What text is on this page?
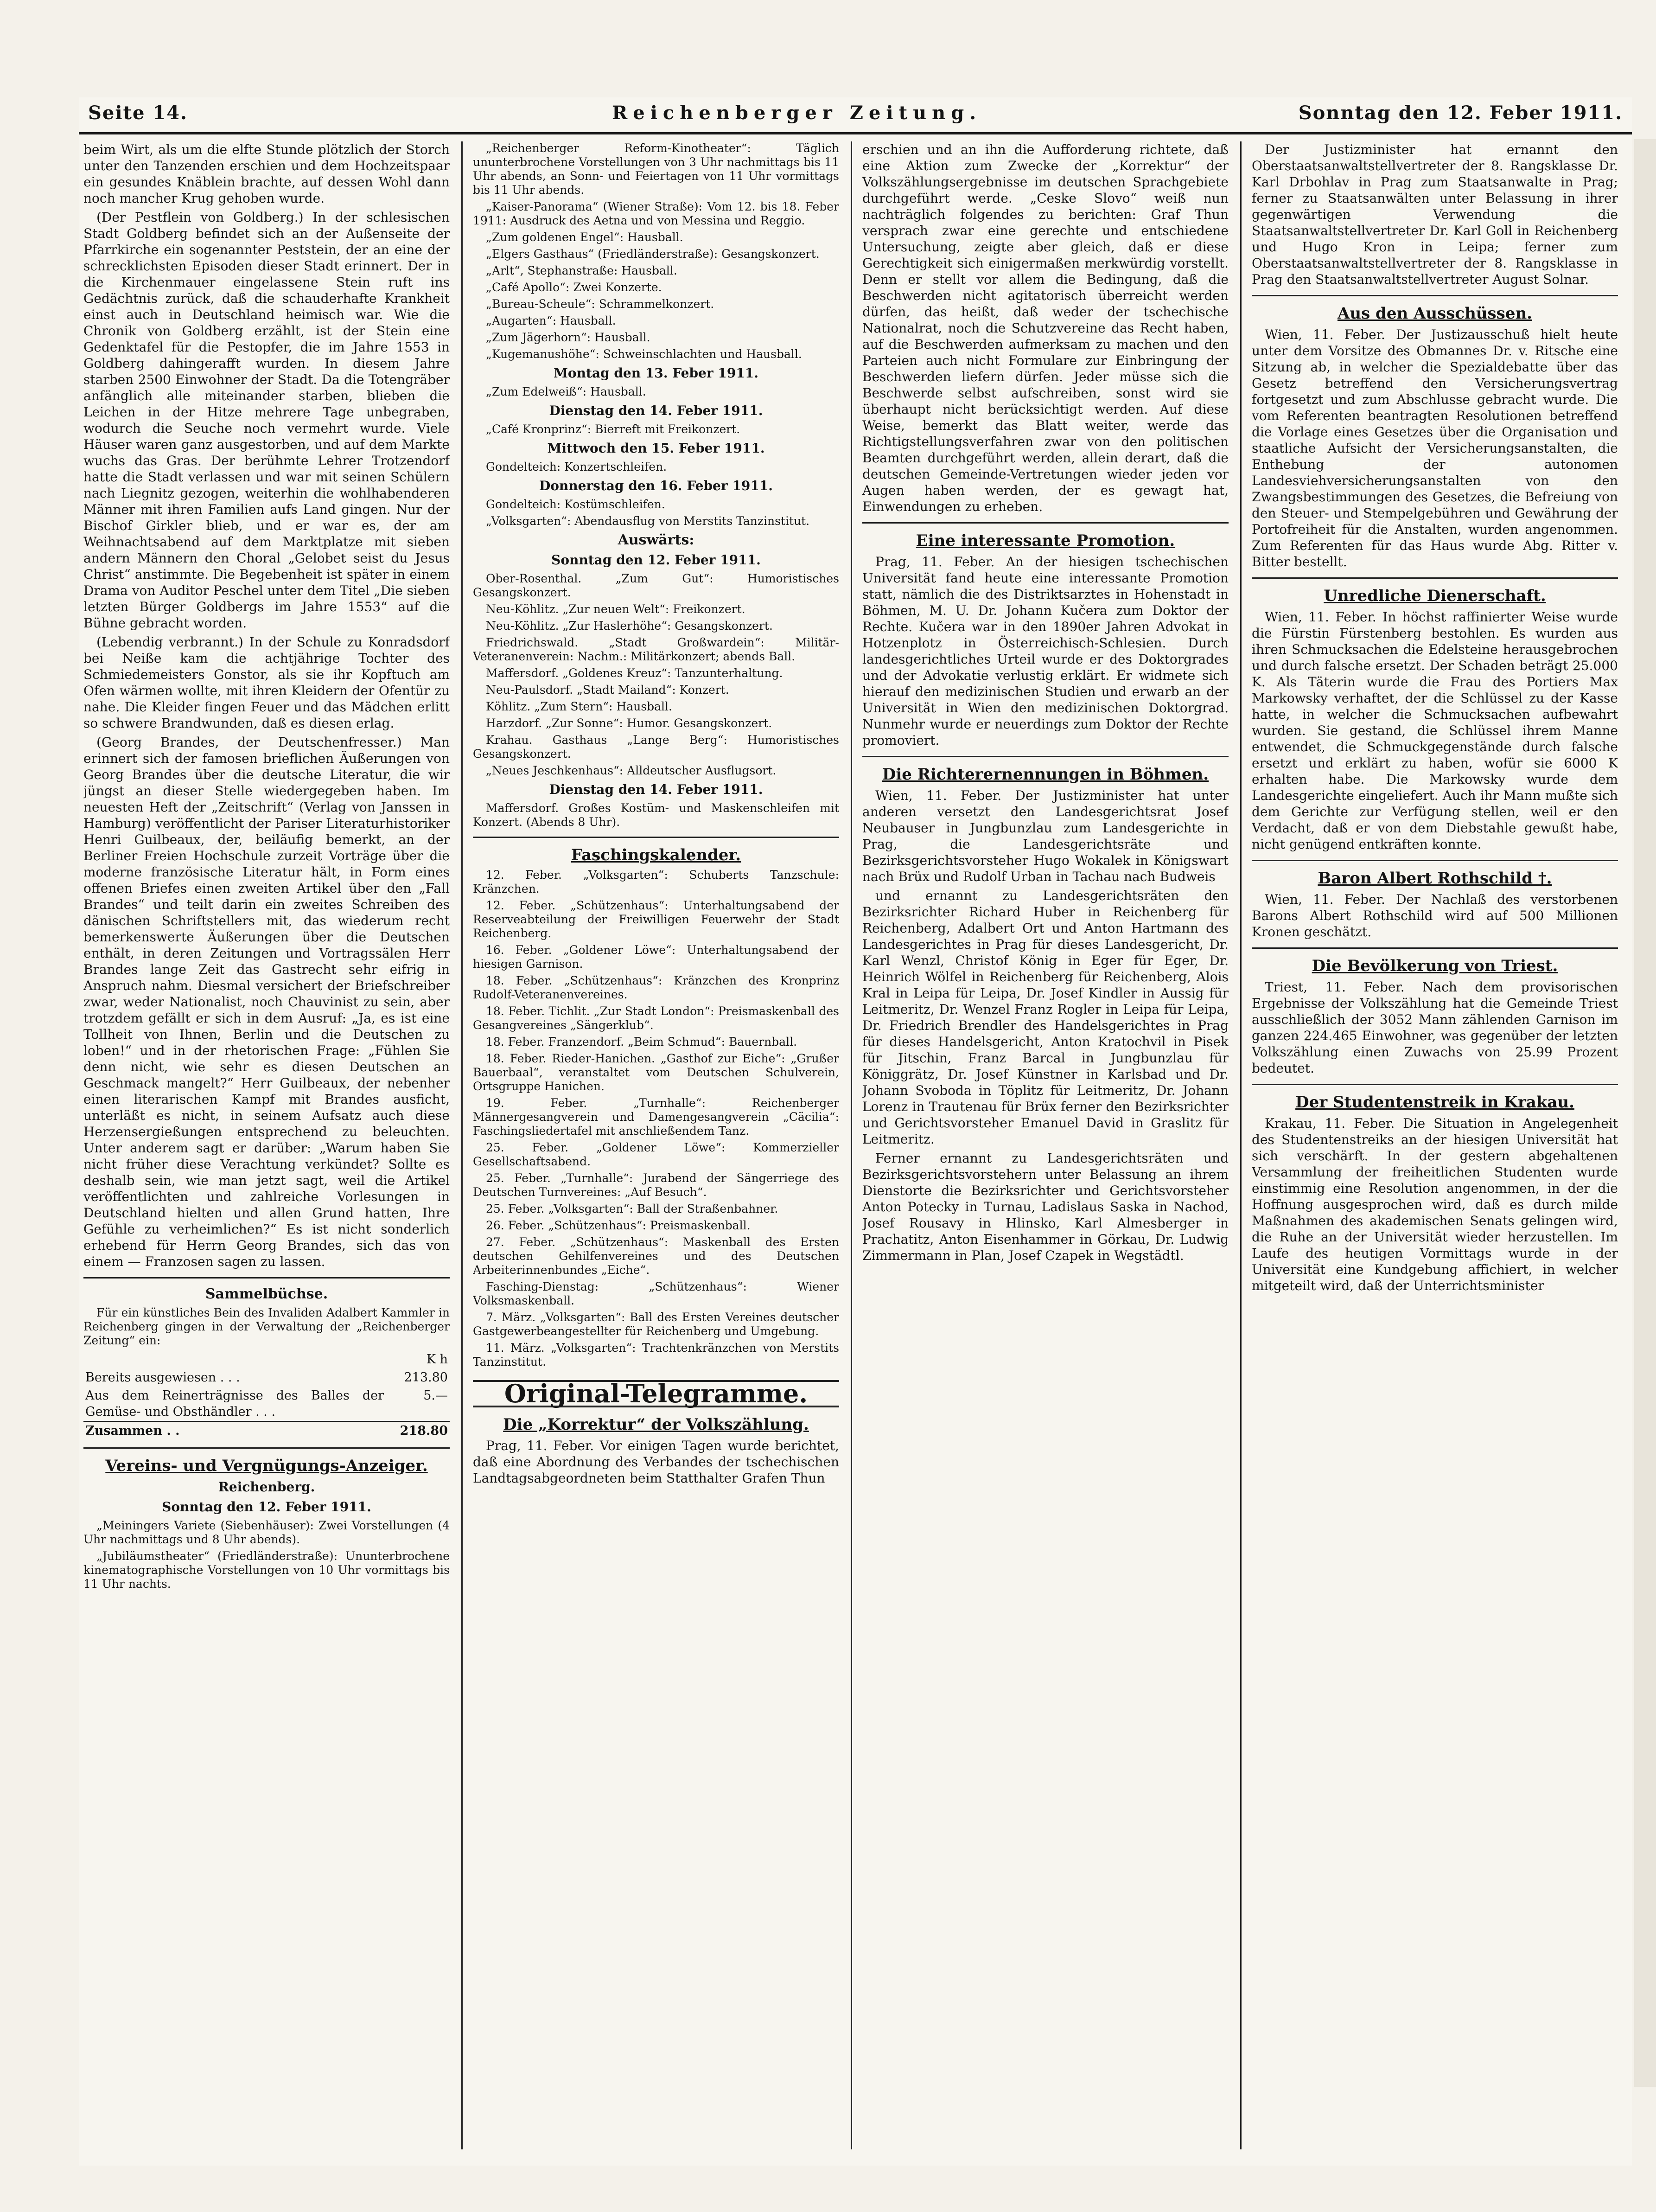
Seite 14.	Reichenberger Zeitung.	Sonntag den 12. Feber 1911.

beim Wirt, als um die elfte Stunde plötzlich der Storch unter den Tanzenden erschien und dem Hochzeitspaar ein gesundes Knäblein brachte, auf dessen Wohl dann noch mancher Krug gehoben wurde.

(Der Pestflein von Goldberg.) In der schlesischen Stadt Goldberg befindet sich an der Außenseite der Pfarrkirche ein sogenannter Peststein, der an eine der schrecklichsten Episoden dieser Stadt erinnert. Der in die Kirchenmauer eingelassene Stein ruft ins Gedächtnis zurück, daß die schauderhafte Krankheit einst auch in Deutschland heimisch war. Wie die Chronik von Goldberg erzählt, ist der Stein eine Gedenktafel für die Pestopfer, die im Jahre 1553 in Goldberg dahingerafft wurden. In diesem Jahre starben 2500 Einwohner der Stadt. Da die Totengräber anfänglich alle miteinander starben, blieben die Leichen in der Hitze mehrere Tage unbegraben, wodurch die Seuche noch vermehrt wurde. Viele Häuser waren ganz ausgestorben, und auf dem Markte wuchs das Gras. Der berühmte Lehrer Trotzendorf hatte die Stadt verlassen und war mit seinen Schülern nach Liegnitz gezogen, weiterhin die wohlhabenderen Männer mit ihren Familien aufs Land gingen. Nur der Bischof Girkler blieb, und er war es, der am Weihnachtsabend auf dem Marktplatze mit sieben andern Männern den Choral „Gelobet seist du Jesus Christ“ anstimmte. Die Begebenheit ist später in einem Drama von Auditor Peschel unter dem Titel „Die sieben letzten Bürger Goldbergs im Jahre 1553“ auf die Bühne gebracht worden.

(Lebendig verbrannt.) In der Schule zu Konradsdorf bei Neiße kam die achtjährige Tochter des Schmiedemeisters Gonstor, als sie ihr Kopftuch am Ofen wärmen wollte, mit ihren Kleidern der Ofentür zu nahe. Die Kleider fingen Feuer und das Mädchen erlitt so schwere Brandwunden, daß es diesen erlag.

(Georg Brandes, der Deutschenfresser.) Man erinnert sich der famosen brieflichen Äußerungen von Georg Brandes über die deutsche Literatur, die wir jüngst an dieser Stelle wiedergegeben haben. Im neuesten Heft der „Zeitschrift“ (Verlag von Janssen in Hamburg) veröffentlicht der Pariser Literaturhistoriker Henri Guilbeaux, der, beiläufig bemerkt, an der Berliner Freien Hochschule zurzeit Vorträge über die moderne französische Literatur hält, in Form eines offenen Briefes einen zweiten Artikel über den „Fall Brandes“ und teilt darin ein zweites Schreiben des dänischen Schriftstellers mit, das wiederum recht bemerkenswerte Äußerungen über die Deutschen enthält, in deren Zeitungen und Vortragssälen Herr Brandes lange Zeit das Gastrecht sehr eifrig in Anspruch nahm. Diesmal versichert der Briefschreiber zwar, weder Nationalist, noch Chauvinist zu sein, aber trotzdem gefällt er sich in dem Ausruf: „Ja, es ist eine Tollheit von Ihnen, Berlin und die Deutschen zu loben!“ und in der rhetorischen Frage: „Fühlen Sie denn nicht, wie sehr es diesen Deutschen an Geschmack mangelt?“ Herr Guilbeaux, der nebenher einen literarischen Kampf mit Brandes ausficht, unterläßt es nicht, in seinem Aufsatz auch diese Herzensergießungen entsprechend zu beleuchten. Unter anderem sagt er darüber: „Warum haben Sie nicht früher diese Verachtung verkündet? Sollte es deshalb sein, wie man jetzt sagt, weil die Artikel veröffentlichten und zahlreiche Vorlesungen in Deutschland hielten und allen Grund hatten, Ihre Gefühle zu verheimlichen?“ Es ist nicht sonderlich erhebend für Herrn Georg Brandes, sich das von einem — Franzosen sagen zu lassen.

Sammelbüchse.

Für ein künstliches Bein des Invaliden Adalbert Kammler in Reichenberg gingen in der Verwaltung der „Reichenberger Zeitung“ ein:

	K h
Bereits ausgewiesen . . .	213.80
Aus dem Reinerträgnisse des Balles der Gemüse- und Obsthändler . . .	5.—
Zusammen . .	218.80
Vereins- und Vergnügungs-Anzeiger.
Reichenberg.
Sonntag den 12. Feber 1911.

„Meiningers Variete (Siebenhäuser): Zwei Vorstellungen (4 Uhr nachmittags und 8 Uhr abends).

„Jubiläumstheater“ (Friedländerstraße): Ununterbrochene kinematographische Vorstellungen von 10 Uhr vormittags bis 11 Uhr nachts.

„Reichenberger Reform-Kinotheater“: Täglich ununterbrochene Vorstellungen von 3 Uhr nachmittags bis 11 Uhr abends, an Sonn- und Feiertagen von 11 Uhr vormittags bis 11 Uhr abends.

„Kaiser-Panorama“ (Wiener Straße): Vom 12. bis 18. Feber 1911: Ausdruck des Aetna und von Messina und Reggio.

„Zum goldenen Engel“: Hausball.

„Elgers Gasthaus“ (Friedländerstraße): Gesangskonzert.

„Arlt“, Stephanstraße: Hausball.

„Café Apollo“: Zwei Konzerte.

„Bureau-Scheule“: Schrammelkonzert.

„Augarten“: Hausball.

„Zum Jägerhorn“: Hausball.

„Kugemanushöhe“: Schweinschlachten und Hausball.

Montag den 13. Feber 1911.

„Zum Edelweiß“: Hausball.

Dienstag den 14. Feber 1911.

„Café Kronprinz“: Bierreft mit Freikonzert.

Mittwoch den 15. Feber 1911.

Gondelteich: Konzertschleifen.

Donnerstag den 16. Feber 1911.

Gondelteich: Kostümschleifen.

„Volksgarten“: Abendausflug von Merstits Tanzinstitut.

Auswärts:
Sonntag den 12. Feber 1911.

Ober-Rosenthal. „Zum Gut“: Humoristisches Gesangskonzert.

Neu-Köhlitz. „Zur neuen Welt“: Freikonzert.

Neu-Köhlitz. „Zur Haslerhöhe“: Gesangskonzert.

Friedrichswald. „Stadt Großwardein“: Militär-Veteranenverein: Nachm.: Militärkonzert; abends Ball.

Maffersdorf. „Goldenes Kreuz“: Tanzunterhaltung.

Neu-Paulsdorf. „Stadt Mailand“: Konzert.

Köhlitz. „Zum Stern“: Hausball.

Harzdorf. „Zur Sonne“: Humor. Gesangskonzert.

Krahau. Gasthaus „Lange Berg“: Humoristisches Gesangskonzert.

„Neues Jeschkenhaus“: Alldeutscher Ausflugsort.

Dienstag den 14. Feber 1911.

Maffersdorf. Großes Kostüm- und Maskenschleifen mit Konzert. (Abends 8 Uhr).

Faschingskalender.

12. Feber. „Volksgarten“: Schuberts Tanzschule: Kränzchen.

12. Feber. „Schützenhaus“: Unterhaltungsabend der Reserveabteilung der Freiwilligen Feuerwehr der Stadt Reichenberg.

16. Feber. „Goldener Löwe“: Unterhaltungsabend der hiesigen Garnison.

18. Feber. „Schützenhaus“: Kränzchen des Kronprinz Rudolf-Veteranenvereines.

18. Feber. Tichlit. „Zur Stadt London“: Preismaskenball des Gesangvereines „Sängerklub“.

18. Feber. Franzendorf. „Beim Schmud“: Bauernball.

18. Feber. Rieder-Hanichen. „Gasthof zur Eiche“: „Grußer Bauerbaal“, veranstaltet vom Deutschen Schulverein, Ortsgruppe Hanichen.

19. Feber. „Turnhalle“: Reichenberger Männergesangverein und Damengesangverein „Cäcilia“: Faschingsliedertafel mit anschließendem Tanz.

25. Feber. „Goldener Löwe“: Kommerzieller Gesellschaftsabend.

25. Feber. „Turnhalle“: Jurabend der Sängerriege des Deutschen Turnvereines: „Auf Besuch“.

25. Feber. „Volksgarten“: Ball der Straßenbahner.

26. Feber. „Schützenhaus“: Preismaskenball.

27. Feber. „Schützenhaus“: Maskenball des Ersten deutschen Gehilfenvereines und des Deutschen Arbeiterinnenbundes „Eiche“.

Fasching-Dienstag: „Schützenhaus“: Wiener Volksmaskenball.

7. März. „Volksgarten“: Ball des Ersten Vereines deutscher Gastgewerbeangestellter für Reichenberg und Umgebung.

11. März. „Volksgarten“: Trachtenkränzchen von Merstits Tanzinstitut.

Original-Telegramme.
Die „Korrektur“ der Volkszählung.

Prag, 11. Feber. Vor einigen Tagen wurde berichtet, daß eine Abordnung des Verbandes der tschechischen Landtagsabgeordneten beim Statthalter Grafen Thun

erschien und an ihn die Aufforderung richtete, daß eine Aktion zum Zwecke der „Korrektur“ der Volkszählungsergebnisse im deutschen Sprachgebiete durchgeführt werde. „Ceske Slovo“ weiß nun nachträglich folgendes zu berichten: Graf Thun versprach zwar eine gerechte und entschiedene Untersuchung, zeigte aber gleich, daß er diese Gerechtigkeit sich einigermaßen merkwürdig vorstellt. Denn er stellt vor allem die Bedingung, daß die Beschwerden nicht agitatorisch überreicht werden dürfen, das heißt, daß weder der tschechische Nationalrat, noch die Schutzvereine das Recht haben, auf die Beschwerden aufmerksam zu machen und den Parteien auch nicht Formulare zur Einbringung der Beschwerden liefern dürfen. Jeder müsse sich die Beschwerde selbst aufschreiben, sonst wird sie überhaupt nicht berücksichtigt werden. Auf diese Weise, bemerkt das Blatt weiter, werde das Richtigstellungsverfahren zwar von den politischen Beamten durchgeführt werden, allein derart, daß die deutschen Gemeinde-Vertretungen wieder jeden vor Augen haben werden, der es gewagt hat, Einwendungen zu erheben.

Eine interessante Promotion.

Prag, 11. Feber. An der hiesigen tschechischen Universität fand heute eine interessante Promotion statt, nämlich die des Distriktsarztes in Hohenstadt in Böhmen, M. U. Dr. Johann Kučera zum Doktor der Rechte. Kučera war in den 1890er Jahren Advokat in Hotzenplotz in Österreichisch-Schlesien. Durch landesgerichtliches Urteil wurde er des Doktorgrades und der Advokatie verlustig erklärt. Er widmete sich hierauf den medizinischen Studien und erwarb an der Universität in Wien den medizinischen Doktorgrad. Nunmehr wurde er neuerdings zum Doktor der Rechte promoviert.

Die Richterernennungen in Böhmen.

Wien, 11. Feber. Der Justizminister hat unter anderen versetzt den Landesgerichtsrat Josef Neubauser in Jungbunzlau zum Landesgerichte in Prag, die Landesgerichtsräte und Bezirksgerichtsvorsteher Hugo Wokalek in Königswart nach Brüx und Rudolf Urban in Tachau nach Budweis

und ernannt zu Landesgerichtsräten den Bezirksrichter Richard Huber in Reichenberg für Reichenberg, Adalbert Ort und Anton Hartmann des Landesgerichtes in Prag für dieses Landesgericht, Dr. Karl Wenzl, Christof König in Eger für Eger, Dr. Heinrich Wölfel in Reichenberg für Reichenberg, Alois Kral in Leipa für Leipa, Dr. Josef Kindler in Aussig für Leitmeritz, Dr. Wenzel Franz Rogler in Leipa für Leipa, Dr. Friedrich Brendler des Handelsgerichtes in Prag für dieses Handelsgericht, Anton Kratochvil in Pisek für Jitschin, Franz Barcal in Jungbunzlau für Königgrätz, Dr. Josef Künstner in Karlsbad und Dr. Johann Svoboda in Töplitz für Leitmeritz, Dr. Johann Lorenz in Trautenau für Brüx ferner den Bezirksrichter und Gerichtsvorsteher Emanuel David in Graslitz für Leitmeritz.

Ferner ernannt zu Landesgerichtsräten und Bezirksgerichtsvorstehern unter Belassung an ihrem Dienstorte die Bezirksrichter und Gerichtsvorsteher Anton Potecky in Turnau, Ladislaus Saska in Nachod, Josef Rousavy in Hlinsko, Karl Almesberger in Prachatitz, Anton Eisenhammer in Görkau, Dr. Ludwig Zimmermann in Plan, Josef Czapek in Wegstädtl.

Der Justizminister hat ernannt den Oberstaatsanwaltstellvertreter der 8. Rangsklasse Dr. Karl Drbohlav in Prag zum Staatsanwalte in Prag; ferner zu Staatsanwälten unter Belassung in ihrer gegenwärtigen Verwendung die Staatsanwaltstellvertreter Dr. Karl Goll in Reichenberg und Hugo Kron in Leipa; ferner zum Oberstaatsanwaltstellvertreter der 8. Rangsklasse in Prag den Staatsanwaltstellvertreter August Solnar.

Aus den Ausschüssen.

Wien, 11. Feber. Der Justizausschuß hielt heute unter dem Vorsitze des Obmannes Dr. v. Ritsche eine Sitzung ab, in welcher die Spezialdebatte über das Gesetz betreffend den Versicherungsvertrag fortgesetzt und zum Abschlusse gebracht wurde. Die vom Referenten beantragten Resolutionen betreffend die Vorlage eines Gesetzes über die Organisation und staatliche Aufsicht der Versicherungsanstalten, die Enthebung der autonomen Landesviehversicherungsanstalten von den Zwangsbestimmungen des Gesetzes, die Befreiung von den Steuer- und Stempelgebühren und Gewährung der Portofreiheit für die Anstalten, wurden angenommen. Zum Referenten für das Haus wurde Abg. Ritter v. Bitter bestellt.

Unredliche Dienerschaft.

Wien, 11. Feber. In höchst raffinierter Weise wurde die Fürstin Fürstenberg bestohlen. Es wurden aus ihren Schmucksachen die Edelsteine herausgebrochen und durch falsche ersetzt. Der Schaden beträgt 25.000 K. Als Täterin wurde die Frau des Portiers Max Markowsky verhaftet, der die Schlüssel zu der Kasse hatte, in welcher die Schmucksachen aufbewahrt wurden. Sie gestand, die Schlüssel ihrem Manne entwendet, die Schmuckgegenstände durch falsche ersetzt und erklärt zu haben, wofür sie 6000 K erhalten habe. Die Markowsky wurde dem Landesgerichte eingeliefert. Auch ihr Mann mußte sich dem Gerichte zur Verfügung stellen, weil er den Verdacht, daß er von dem Diebstahle gewußt habe, nicht genügend entkräften konnte.

Baron Albert Rothschild †.

Wien, 11. Feber. Der Nachlaß des verstorbenen Barons Albert Rothschild wird auf 500 Millionen Kronen geschätzt.

Die Bevölkerung von Triest.

Triest, 11. Feber. Nach dem provisorischen Ergebnisse der Volkszählung hat die Gemeinde Triest ausschließlich der 3052 Mann zählenden Garnison im ganzen 224.465 Einwohner, was gegenüber der letzten Volkszählung einen Zuwachs von 25.99 Prozent bedeutet.

Der Studentenstreik in Krakau.

Krakau, 11. Feber. Die Situation in Angelegenheit des Studentenstreiks an der hiesigen Universität hat sich verschärft. In der gestern abgehaltenen Versammlung der freiheitlichen Studenten wurde einstimmig eine Resolution angenommen, in der die Hoffnung ausgesprochen wird, daß es durch milde Maßnahmen des akademischen Senats gelingen wird, die Ruhe an der Universität wieder herzustellen. Im Laufe des heutigen Vormittags wurde in der Universität eine Kundgebung affichiert, in welcher mitgeteilt wird, daß der Unterrichtsminister
